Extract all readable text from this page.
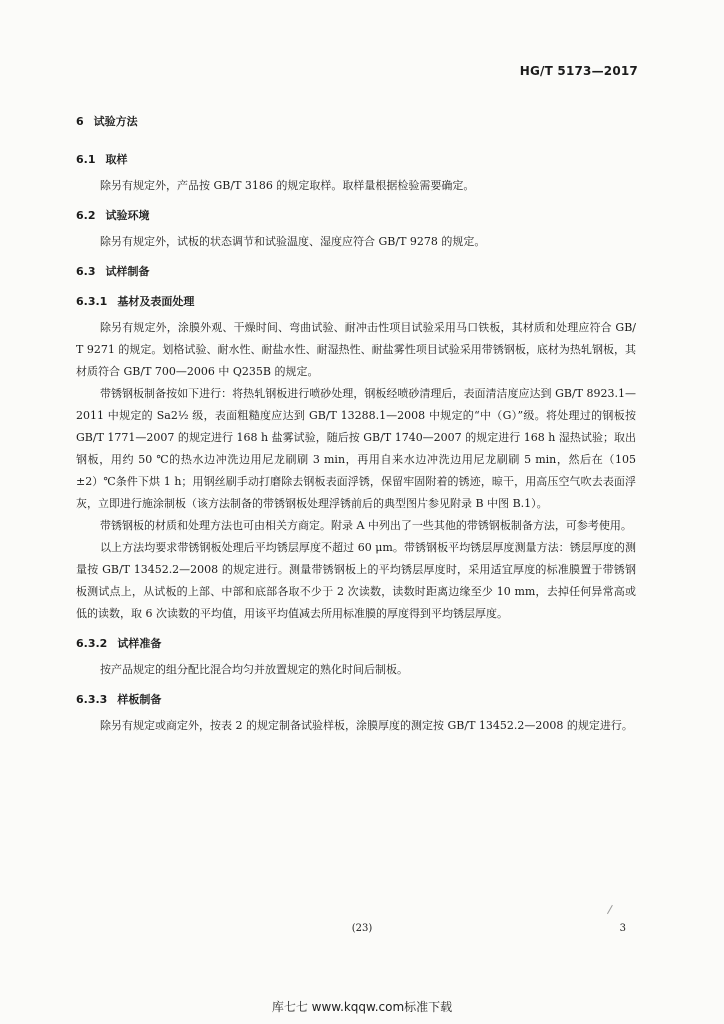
HG/T 5173—2017

6 试验方法

6.1 取样

除另有规定外，产品按 GB/T 3186 的规定取样。取样量根据检验需要确定。

6.2 试验环境

除另有规定外，试板的状态调节和试验温度、湿度应符合 GB/T 9278 的规定。

6.3 试样制备

6.3.1 基材及表面处理

除另有规定外，涂膜外观、干燥时间、弯曲试验、耐冲击性项目试验采用马口铁板，其材质和处理应符合 GB/T 9271 的规定。划格试验、耐水性、耐盐水性、耐湿热性、耐盐雾性项目试验采用带锈钢板，底材为热轧钢板，其材质符合 GB/T 700—2006 中 Q235B 的规定。

带锈钢板制备按如下进行：将热轧钢板进行喷砂处理，钢板经喷砂清理后，表面清洁度应达到 GB/T 8923.1—2011 中规定的 Sa2½ 级，表面粗糙度应达到 GB/T 13288.1—2008 中规定的“中（G）”级。将处理过的钢板按 GB/T 1771—2007 的规定进行 168 h 盐雾试验，随后按 GB/T 1740—2007 的规定进行 168 h 湿热试验；取出钢板，用约 50 ℃的热水边冲洗边用尼龙刷刷 3 min，再用自来水边冲洗边用尼龙刷刷 5 min，然后在（105±2）℃条件下烘 1 h；用钢丝刷手动打磨除去钢板表面浮锈，保留牢固附着的锈迹，晾干，用高压空气吹去表面浮灰，立即进行施涂制板（该方法制备的带锈钢板处理浮锈前后的典型图片参见附录 B 中图 B.1）。

带锈钢板的材质和处理方法也可由相关方商定。附录 A 中列出了一些其他的带锈钢板制备方法，可参考使用。

以上方法均要求带锈钢板处理后平均锈层厚度不超过 60 μm。带锈钢板平均锈层厚度测量方法：锈层厚度的测量按 GB/T 13452.2—2008 的规定进行。测量带锈钢板上的平均锈层厚度时，采用适宜厚度的标准膜置于带锈钢板测试点上，从试板的上部、中部和底部各取不少于 2 次读数，读数时距离边缘至少 10 mm，去掉任何异常高或低的读数，取 6 次读数的平均值，用该平均值减去所用标准膜的厚度得到平均锈层厚度。

6.3.2 试样准备

按产品规定的组分配比混合均匀并放置规定的熟化时间后制板。

6.3.3 样板制备

除另有规定或商定外，按表 2 的规定制备试验样板，涂膜厚度的测定按 GB/T 13452.2—2008 的规定进行。

(23)	3
库七七 www.kqqw.com标准下载
